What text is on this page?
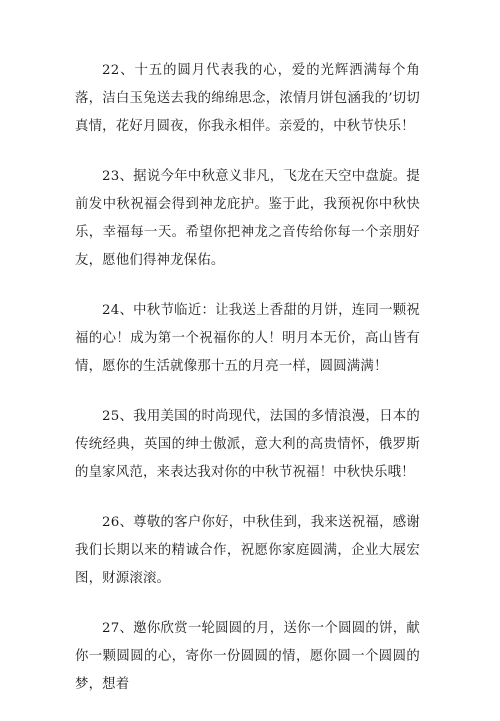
22、十五的圆月代表我的心，爱的光辉洒满每个角落，洁白玉兔送去我的绵绵思念，浓情月饼包涵我的’切切真情，花好月圆夜，你我永相伴。亲爱的，中秋节快乐！

23、据说今年中秋意义非凡，飞龙在天空中盘旋。提前发中秋祝福会得到神龙庇护。鉴于此，我预祝你中秋快乐，幸福每一天。希望你把神龙之音传给你每一个亲朋好友，愿他们得神龙保佑。

24、中秋节临近：让我送上香甜的月饼，连同一颗祝福的心！成为第一个祝福你的人！明月本无价，高山皆有情，愿你的生活就像那十五的月亮一样，圆圆满满！

25、我用美国的时尚现代，法国的多情浪漫，日本的传统经典，英国的绅士傲派，意大利的高贵情怀，俄罗斯的皇家风范，来表达我对你的中秋节祝福！中秋快乐哦！

26、尊敬的客户你好，中秋佳到，我来送祝福，感谢我们长期以来的精诚合作，祝愿你家庭圆满，企业大展宏图，财源滚滚。

27、邀你欣赏一轮圆圆的月，送你一个圆圆的饼，献你一颗圆圆的心，寄你一份圆圆的情，愿你圆一个圆圆的梦，想着
